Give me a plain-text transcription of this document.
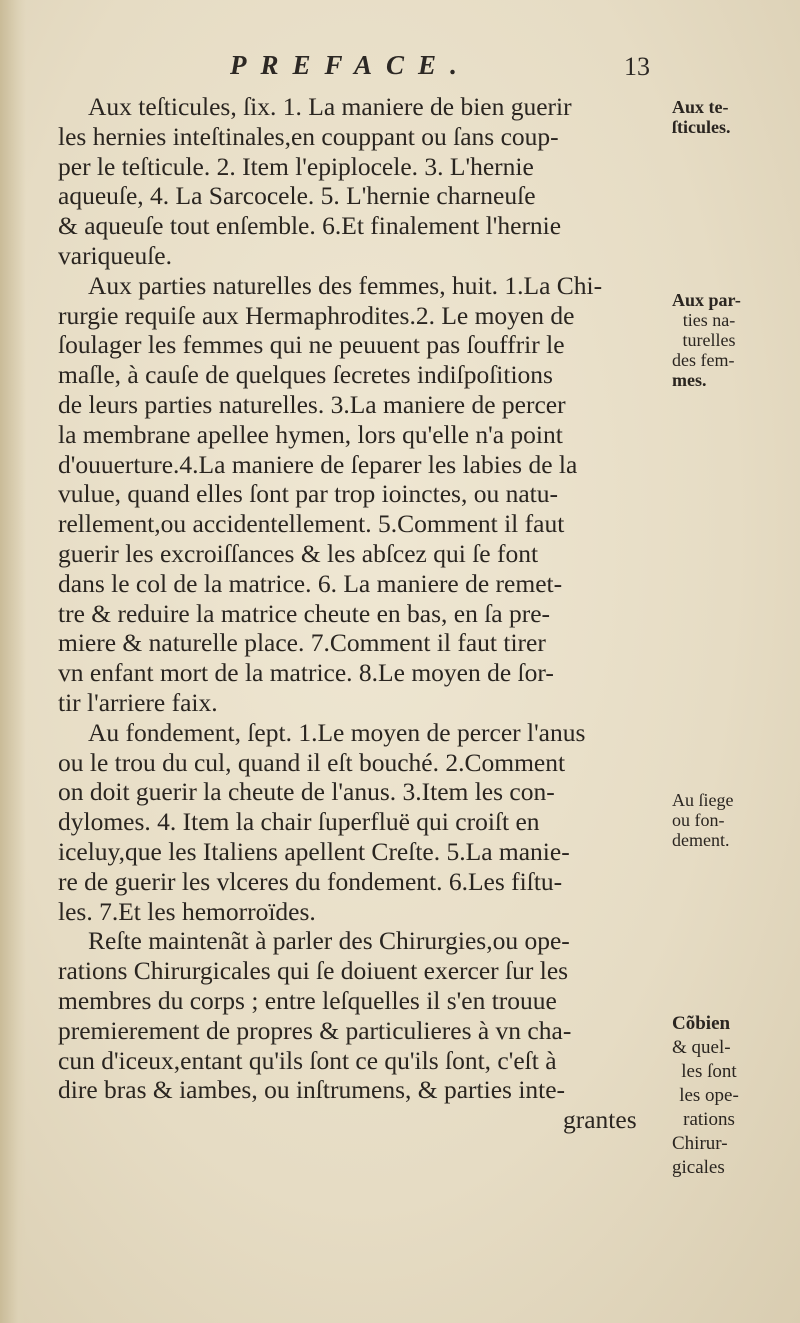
PREFACE.	13

Aux teſticules, ſix. 1. La maniere de bien guerir
les hernies inteſtinales,en couppant ou ſans coup-
per le teſticule. 2. Item l'epiplocele. 3. L'hernie
aqueuſe, 4. La Sarcocele. 5. L'hernie charneuſe
& aqueuſe tout enſemble. 6.Et finalement l'hernie
variqueuſe.

Aux parties naturelles des femmes, huit. 1.La Chi-
rurgie requiſe aux Hermaphrodites.2. Le moyen de
ſoulager les femmes qui ne peuuent pas ſouffrir le
maſle, à cauſe de quelques ſecretes indiſpoſitions
de leurs parties naturelles. 3.La maniere de percer
la membrane apellee hymen, lors qu'elle n'a point
d'ouuerture.4.La maniere de ſeparer les labies de la
vulue, quand elles ſont par trop ioinctes, ou natu-
rellement,ou accidentellement. 5.Comment il faut
guerir les excroiſſances & les abſcez qui ſe font
dans le col de la matrice. 6. La maniere de remet-
tre & reduire la matrice cheute en bas, en ſa pre-
miere & naturelle place. 7.Comment il faut tirer
vn enfant mort de la matrice. 8.Le moyen de ſor-
tir l'arriere faix.

Au fondement, ſept. 1.Le moyen de percer l'anus
ou le trou du cul, quand il eſt bouché. 2.Comment
on doit guerir la cheute de l'anus. 3.Item les con-
dylomes. 4. Item la chair ſuperfluë qui croiſt en
iceluy,que les Italiens apellent Creſte. 5.La manie-
re de guerir les vlceres du fondement. 6.Les fiſtu-
les. 7.Et les hemorroïdes.

Reſte maintenãt à parler des Chirurgies,ou ope-
rations Chirurgicales qui ſe doiuent exercer ſur les
membres du corps ; entre leſquelles il s'en trouue
premierement de propres & particulieres à vn cha-
cun d'iceux,entant qu'ils ſont ce qu'ils ſont, c'eſt à
dire bras & iambes, ou inſtrumens, & parties inte-
grantes

Aux te-
ſticules.
Aux par-
ties na-
turelles
des fem-
mes.
Au ſiege
ou fon-
dement.
Cõbien
& quel-
les ſont
les ope-
rations
Chirur-
gicales
